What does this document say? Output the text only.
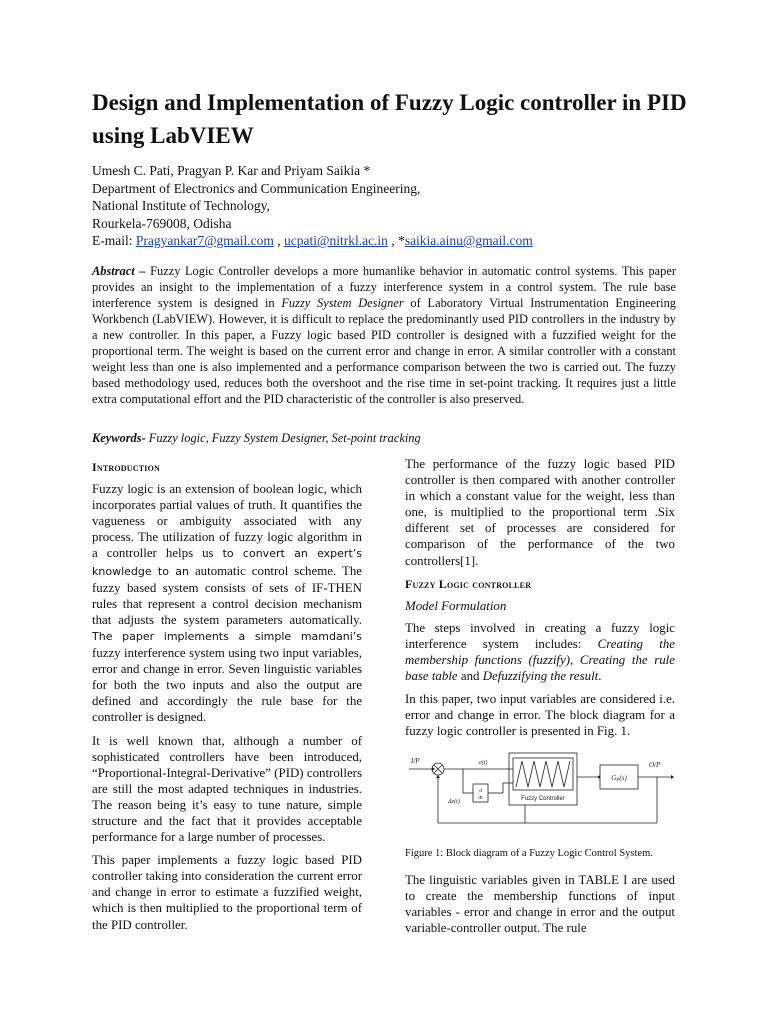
Design and Implementation of Fuzzy Logic controller in PID using LabVIEW
Umesh C. Pati, Pragyan P. Kar and Priyam Saikia *
Department of Electronics and Communication Engineering,
National Institute of Technology,
Rourkela-769008, Odisha
E-mail: Pragyankar7@gmail.com , ucpati@nitrkl.ac.in , *saikia.ainu@gmail.com

Abstract – Fuzzy Logic Controller develops a more humanlike behavior in automatic control systems. This paper provides an insight to the implementation of a fuzzy interference system in a control system. The rule base interference system is designed in Fuzzy System Designer of Laboratory Virtual Instrumentation Engineering Workbench (LabVIEW). However, it is difficult to replace the predominantly used PID controllers in the industry by a new controller. In this paper, a Fuzzy logic based PID controller is designed with a fuzzified weight for the proportional term. The weight is based on the current error and change in error. A similar controller with a constant weight less than one is also implemented and a performance comparison between the two is carried out. The fuzzy based methodology used, reduces both the overshoot and the rise time in set-point tracking. It requires just a little extra computational effort and the PID characteristic of the controller is also preserved.

Keywords- Fuzzy logic, Fuzzy System Designer, Set-point tracking

Introduction

Fuzzy logic is an extension of boolean logic, which incorporates partial values of truth. It quantifies the vagueness or ambiguity associated with any process. The utilization of fuzzy logic algorithm in a controller helps us to convert an expert’s knowledge to an automatic control scheme. The fuzzy based system consists of sets of IF-THEN rules that represent a control decision mechanism that adjusts the system parameters automatically. The paper implements a simple mamdani’s fuzzy interference system using two input variables, error and change in error. Seven linguistic variables for both the two inputs and also the output are defined and accordingly the rule base for the controller is designed.

It is well known that, although a number of sophisticated controllers have been introduced, “Proportional-Integral-Derivative” (PID) controllers are still the most adapted techniques in industries. The reason being it’s easy to tune nature, simple structure and the fact that it provides acceptable performance for a large number of processes.

This paper implements a fuzzy logic based PID controller taking into consideration the current error and change in error to estimate a fuzzified weight, which is then multiplied to the proportional term of the PID controller.

The performance of the fuzzy logic based PID controller is then compared with another controller in which a constant value for the weight, less than one, is multiplied to the proportional term .Six different set of processes are considered for comparison of the performance of the two controllers[1].

Fuzzy Logic controller
Model Formulation

The steps involved in creating a fuzzy logic interference system includes: Creating the membership functions (fuzzify), Creating the rule base table and Defuzzifying the result.

In this paper, two input variables are considered i.e. error and change in error. The block diagram for a fuzzy logic controller is presented in Fig. 1.

I/P	O/P
e(t)
Δe(t)
d
dt	Fuzzy Controller
Gₚ(s)

Figure 1: Block diagram of a Fuzzy Logic Control System.

The linguistic variables given in TABLE I are used to create the membership functions of input variables - error and change in error and the output variable-controller output. The rule
